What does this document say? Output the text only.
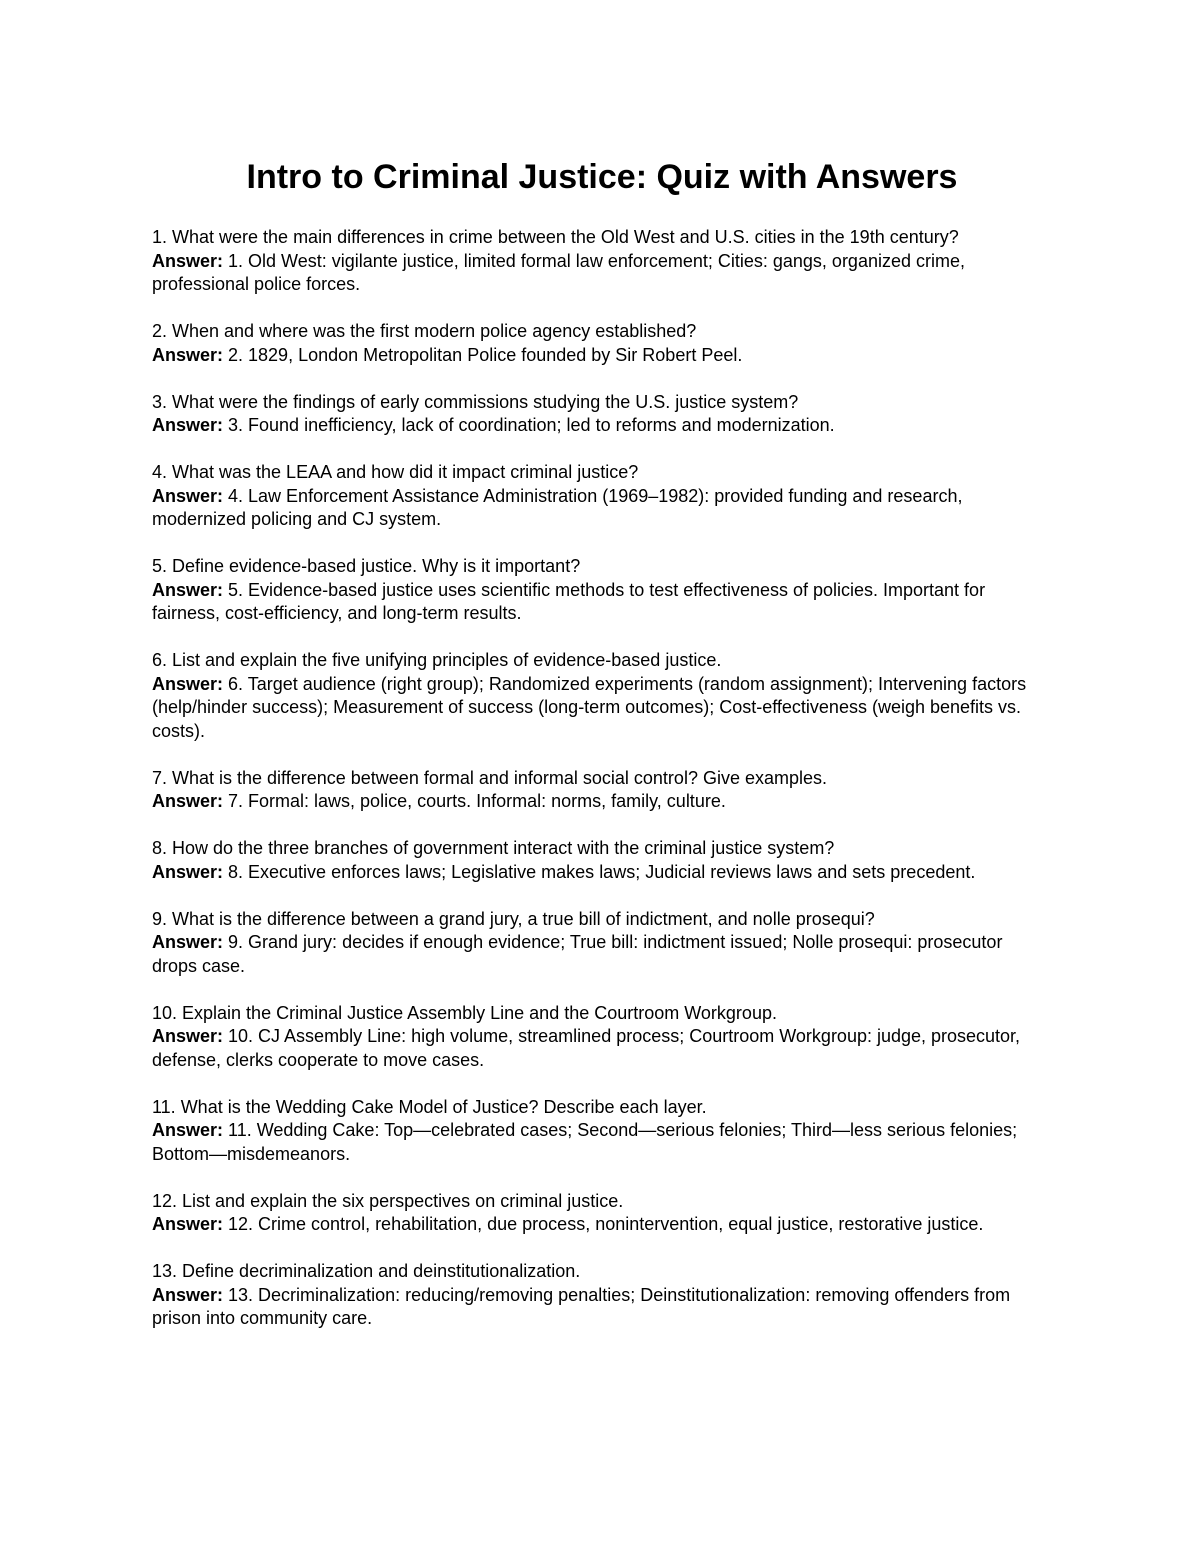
Intro to Criminal Justice: Quiz with Answers
1. What were the main differences in crime between the Old West and U.S. cities in the 19th century?
Answer: 1. Old West: vigilante justice, limited formal law enforcement; Cities: gangs, organized crime, professional police forces.
2. When and where was the first modern police agency established?
Answer: 2. 1829, London Metropolitan Police founded by Sir Robert Peel.
3. What were the findings of early commissions studying the U.S. justice system?
Answer: 3. Found inefficiency, lack of coordination; led to reforms and modernization.
4. What was the LEAA and how did it impact criminal justice?
Answer: 4. Law Enforcement Assistance Administration (1969–1982): provided funding and research, modernized policing and CJ system.
5. Define evidence-based justice. Why is it important?
Answer: 5. Evidence-based justice uses scientific methods to test effectiveness of policies. Important for fairness, cost-efficiency, and long-term results.
6. List and explain the five unifying principles of evidence-based justice.
Answer: 6. Target audience (right group); Randomized experiments (random assignment); Intervening factors (help/hinder success); Measurement of success (long-term outcomes); Cost-effectiveness (weigh benefits vs. costs).
7. What is the difference between formal and informal social control? Give examples.
Answer: 7. Formal: laws, police, courts. Informal: norms, family, culture.
8. How do the three branches of government interact with the criminal justice system?
Answer: 8. Executive enforces laws; Legislative makes laws; Judicial reviews laws and sets precedent.
9. What is the difference between a grand jury, a true bill of indictment, and nolle prosequi?
Answer: 9. Grand jury: decides if enough evidence; True bill: indictment issued; Nolle prosequi: prosecutor drops case.
10. Explain the Criminal Justice Assembly Line and the Courtroom Workgroup.
Answer: 10. CJ Assembly Line: high volume, streamlined process; Courtroom Workgroup: judge, prosecutor, defense, clerks cooperate to move cases.
11. What is the Wedding Cake Model of Justice? Describe each layer.
Answer: 11. Wedding Cake: Top—celebrated cases; Second—serious felonies; Third—less serious felonies; Bottom—misdemeanors.
12. List and explain the six perspectives on criminal justice.
Answer: 12. Crime control, rehabilitation, due process, nonintervention, equal justice, restorative justice.
13. Define decriminalization and deinstitutionalization.
Answer: 13. Decriminalization: reducing/removing penalties; Deinstitutionalization: removing offenders from prison into community care.
